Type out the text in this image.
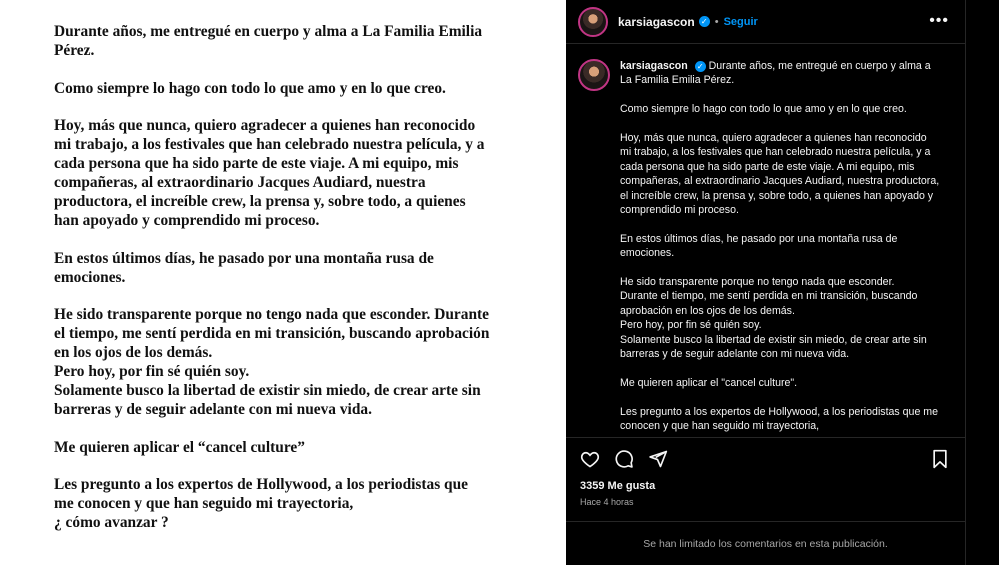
Durante años, me entregué en cuerpo y alma a La Familia Emilia
Pérez.

Como siempre lo hago con todo lo que amo y en lo que creo.

Hoy, más que nunca, quiero agradecer a quienes han reconocido
mi trabajo, a los festivales que han celebrado nuestra película, y a
cada persona que ha sido parte de este viaje. A mi equipo, mis
compañeras, al extraordinario Jacques Audiard, nuestra
productora, el increíble crew, la prensa y, sobre todo, a quienes
han apoyado y comprendido mi proceso.

En estos últimos días, he pasado por una montaña rusa de
emociones.

He sido transparente porque no tengo nada que esconder. Durante
el tiempo, me sentí perdida en mi transición, buscando aprobación
en los ojos de los demás.
Pero hoy, por fin sé quién soy.
Solamente busco la libertad de existir sin miedo, de crear arte sin
barreras y de seguir adelante con mi nueva vida.

Me quieren aplicar el “cancel culture”

Les pregunto a los expertos de Hollywood, a los periodistas que
me conocen y que han seguido mi trayectoria,
¿ cómo avanzar ?

karsiagascon ✓ • Seguir	•••

karsiagascon ✓ Durante años, me entregué en cuerpo y alma a La Familia Emilia Pérez.

Como siempre lo hago con todo lo que amo y en lo que creo.

Hoy, más que nunca, quiero agradecer a quienes han reconocido mi trabajo, a los festivales que han celebrado nuestra película, y a cada persona que ha sido parte de este viaje. A mi equipo, mis compañeras, al extraordinario Jacques Audiard, nuestra productora, el increíble crew, la prensa y, sobre todo, a quienes han apoyado y comprendido mi proceso.

En estos últimos días, he pasado por una montaña rusa de emociones.

He sido transparente porque no tengo nada que esconder.
Durante el tiempo, me sentí perdida en mi transición, buscando aprobación en los ojos de los demás.
Pero hoy, por fin sé quién soy.
Solamente busco la libertad de existir sin miedo, de crear arte sin barreras y de seguir adelante con mi nueva vida.

Me quieren aplicar el "cancel culture".

Les pregunto a los expertos de Hollywood, a los periodistas que me conocen y que han seguido mi trayectoria,

3359 Me gusta
Hace 4 horas
Se han limitado los comentarios en esta publicación.
